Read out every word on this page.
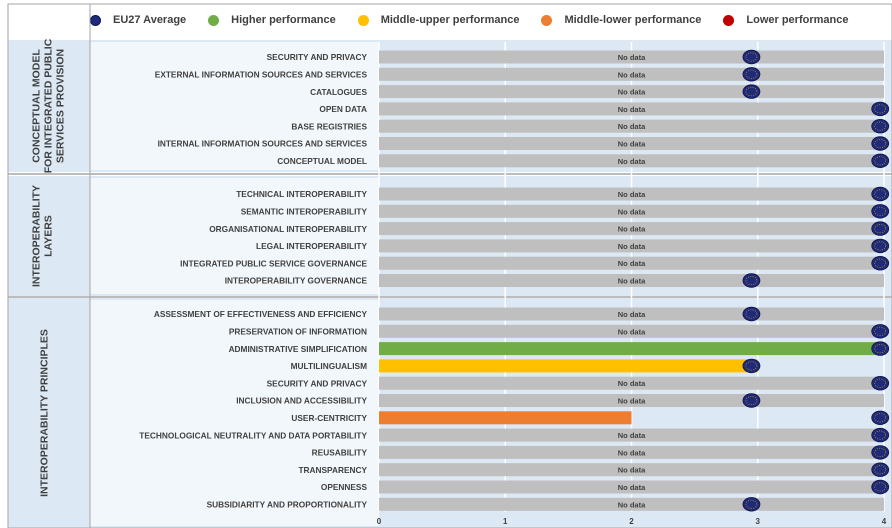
EU27 Average	Higher performance	Middle-upper performance	Middle-lower performance	Lower performance
CONCEPTUAL MODELFOR INTEGRATED PUBLICSERVICES PROVISION
INTEROPERABILITYLAYERS
INTEROPERABILITY PRINCIPLES
SECURITY AND PRIVACY	No data
EXTERNAL INFORMATION SOURCES AND SERVICES	No data
CATALOGUES	No data
OPEN DATA	No data
BASE REGISTRIES	No data
INTERNAL INFORMATION SOURCES AND SERVICES	No data
CONCEPTUAL MODEL	No data
TECHNICAL INTEROPERABILITY	No data
SEMANTIC INTEROPERABILITY	No data
ORGANISATIONAL INTEROPERABILITY	No data
LEGAL INTEROPERABILITY	No data
INTEGRATED PUBLIC SERVICE GOVERNANCE	No data
INTEROPERABILITY GOVERNANCE	No data
ASSESSMENT OF EFFECTIVENESS AND EFFICIENCY	No data
PRESERVATION OF INFORMATION	No data
ADMINISTRATIVE SIMPLIFICATION
MULTILINGUALISM
SECURITY AND PRIVACY	No data
INCLUSION AND ACCESSIBILITY	No data
USER-CENTRICITY
TECHNOLOGICAL NEUTRALITY AND DATA PORTABILITY	No data
REUSABILITY	No data
TRANSPARENCY	No data
OPENNESS	No data
SUBSIDIARITY AND PROPORTIONALITY	No data
0	1	2	3	4
